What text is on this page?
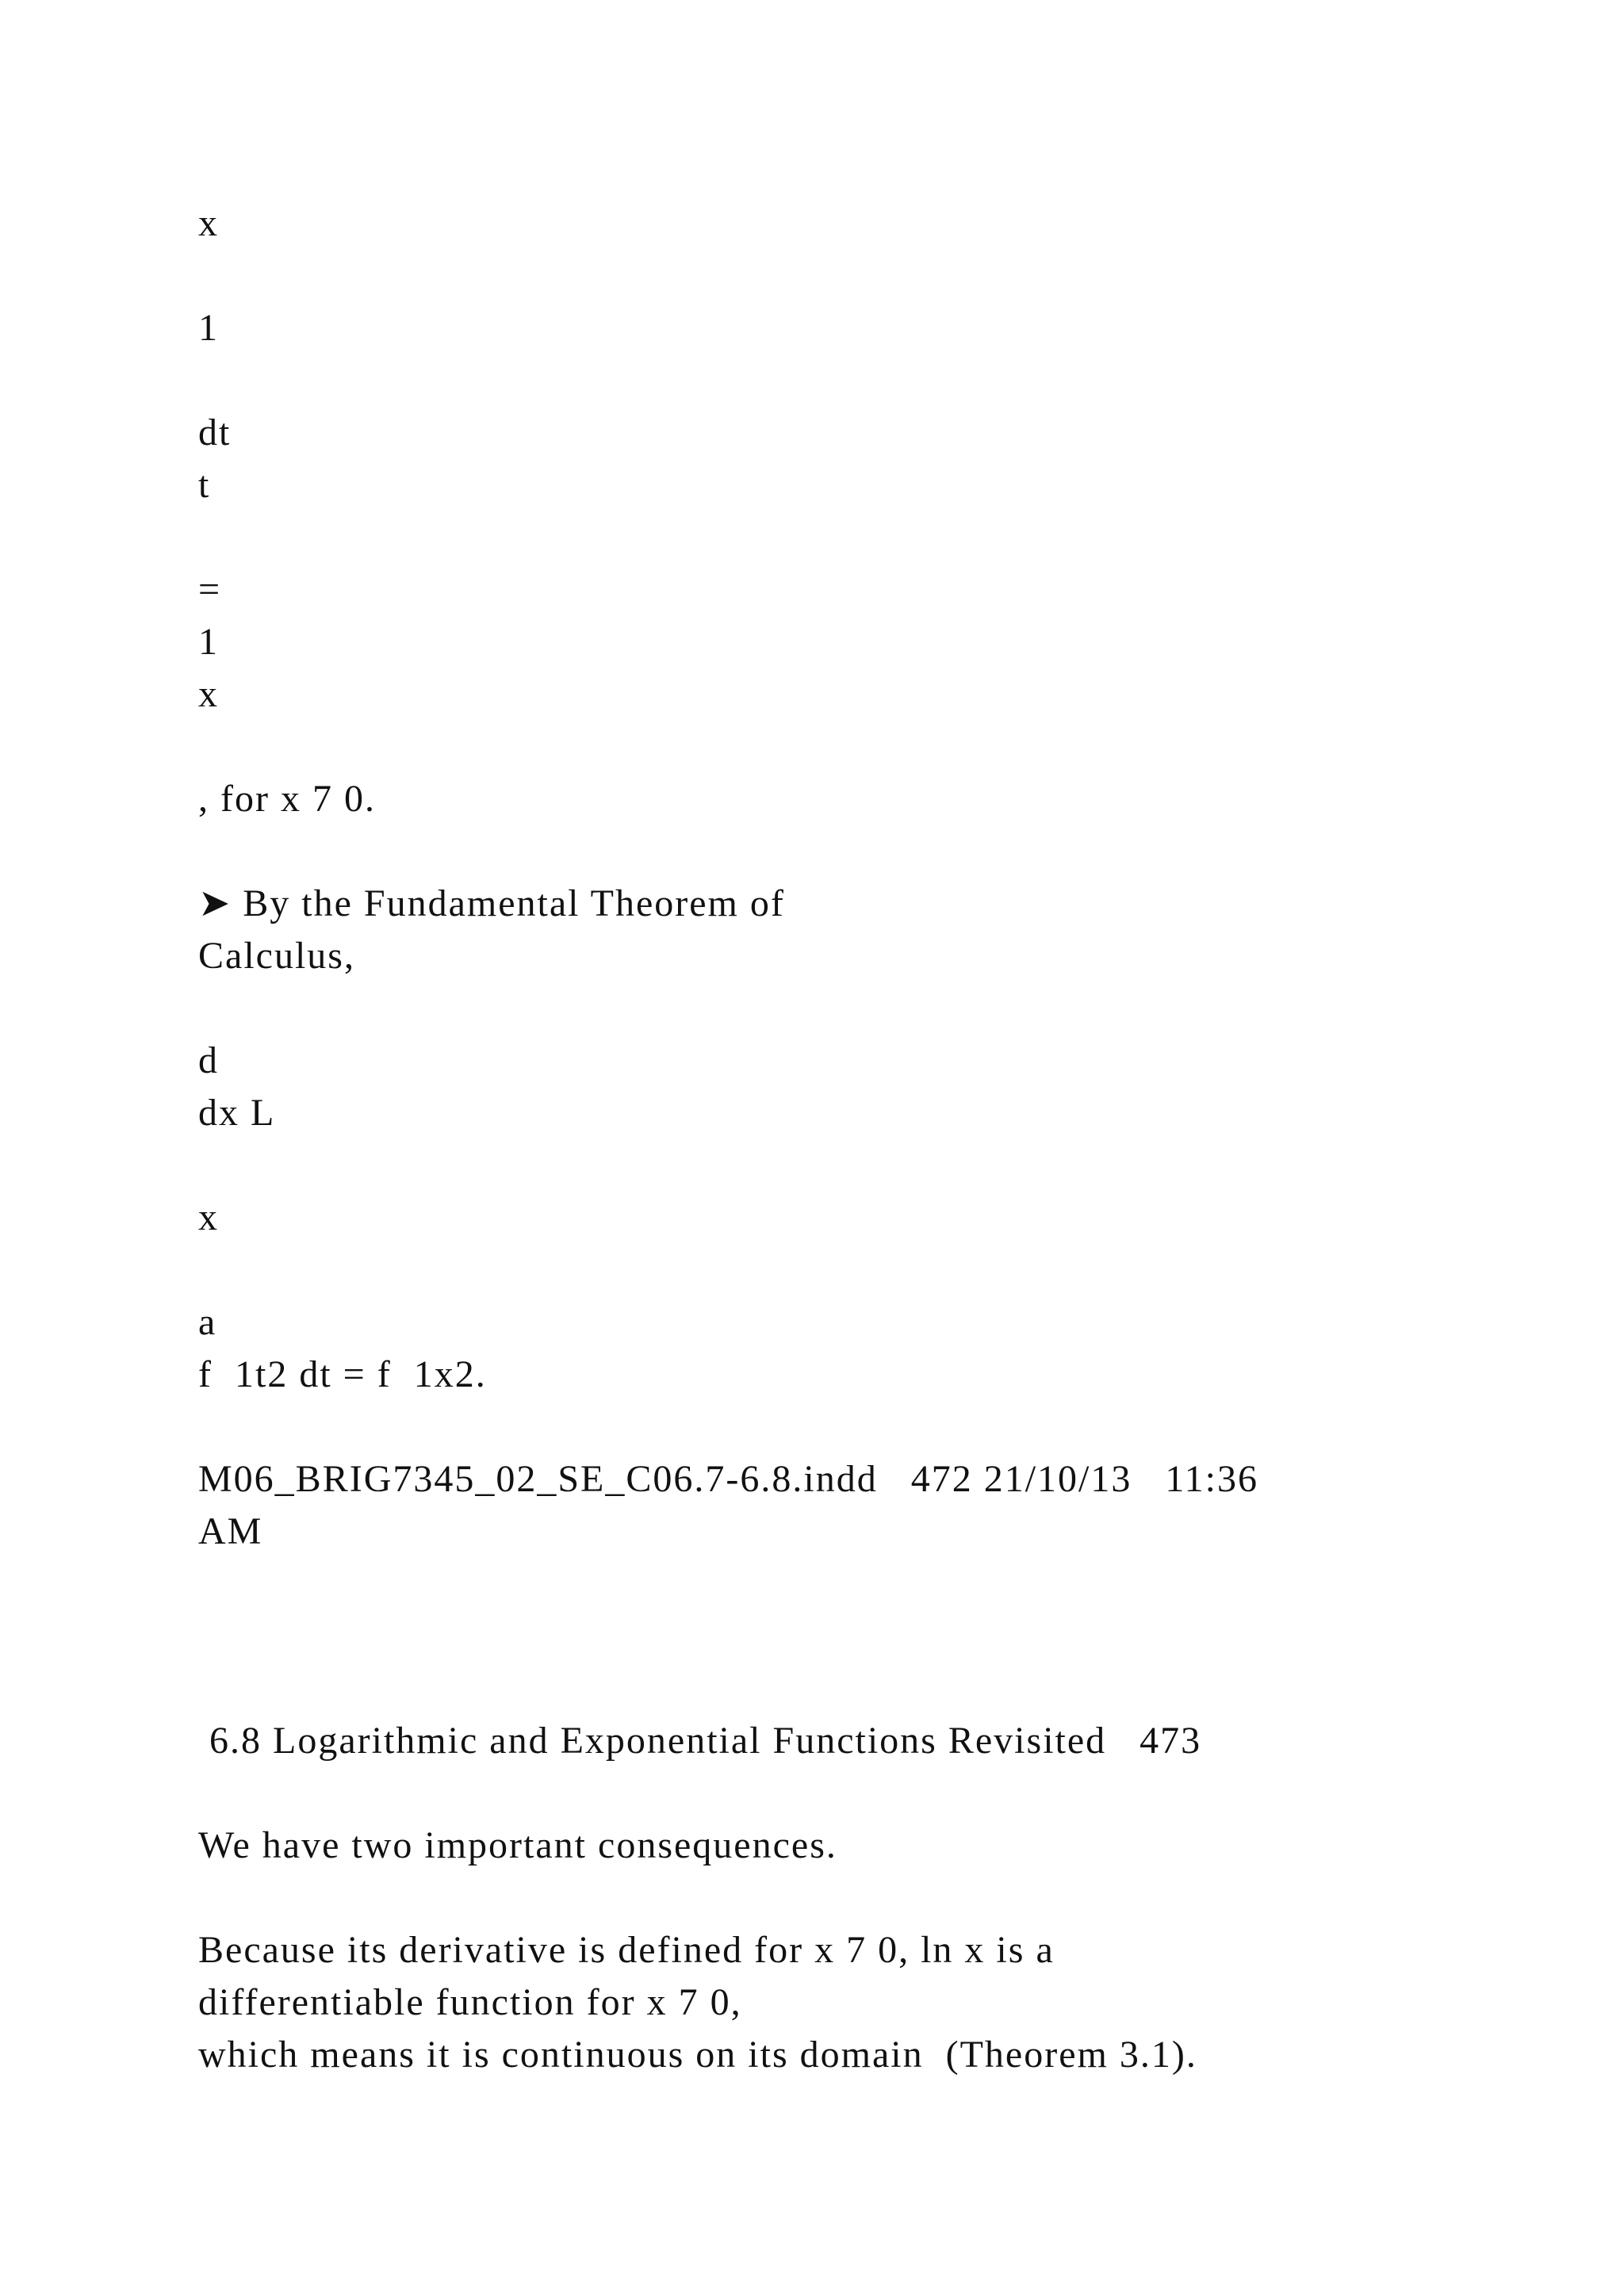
x
1
dt
t
=
1
x
, for x 7 0.
➤ By the Fundamental Theorem of
Calculus,
d
dx L
x
a
f  1t2 dt = f  1x2.
M06_BRIG7345_02_SE_C06.7-6.8.indd   472 21/10/13   11:36
AM
6.8 Logarithmic and Exponential Functions Revisited   473
We have two important consequences.
Because its derivative is defined for x 7 0, ln x is a
differentiable function for x 7 0,
which means it is continuous on its domain  (Theorem 3.1).
